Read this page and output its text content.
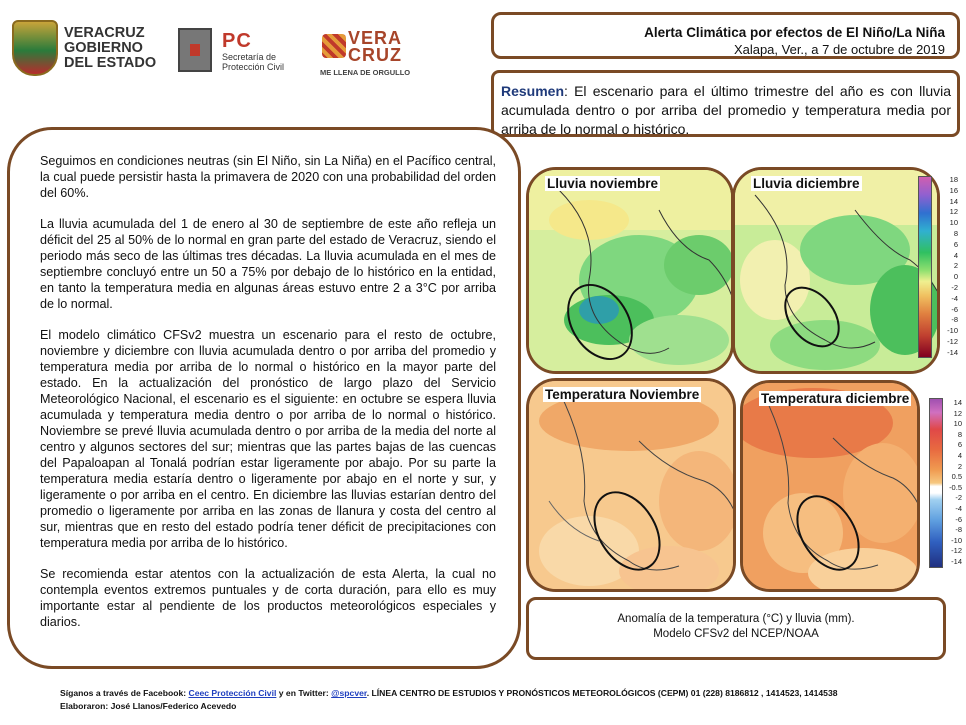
VERACRUZ
GOBIERNO
DEL ESTADO
PC
Secretaría de Protección Civil
VERA
CRUZ
ME LLENA DE ORGULLO
Alerta Climática por efectos de El Niño/La Niña
Xalapa, Ver., a 7 de octubre de 2019
Resumen: El escenario para el último trimestre del año es con lluvia acumulada dentro o por arriba del promedio y temperatura media por arriba de lo normal o histórico.

Seguimos en condiciones neutras (sin El Niño, sin La Niña) en el Pacífico central, la cual puede persistir hasta la primavera de 2020 con una probabilidad del orden del 60%.

La lluvia acumulada del 1 de enero al 30 de septiembre de este año refleja un déficit del 25 al 50% de lo normal en gran parte del estado de Veracruz, siendo el periodo más seco de las últimas tres décadas. La lluvia acumulada en el mes de septiembre concluyó entre un 50 a 75% por debajo de lo histórico en la entidad, en tanto la temperatura media en algunas áreas estuvo entre 2 a 3°C por arriba de lo normal.

El modelo climático CFSv2 muestra un escenario para el resto de octubre, noviembre y diciembre con lluvia acumulada dentro o por arriba del promedio y temperatura media por arriba de lo normal o histórico en la mayor parte del estado. En la actualización del pronóstico de largo plazo del Servicio Meteorológico Nacional, el escenario es el siguiente: en octubre se espera lluvia acumulada y temperatura media dentro o por arriba de lo normal o histórico. Noviembre se prevé lluvia acumulada dentro o por arriba de la media del norte al centro y algunos sectores del sur; mientras que las partes bajas de las cuencas del Papaloapan al Tonalá podrían estar ligeramente por abajo. Por su parte la temperatura media estaría dentro o ligeramente por abajo en el norte y sur, y ligeramente o por arriba en el centro. En diciembre las lluvias estarían dentro del promedio o ligeramente por arriba en las zonas de llanura y costa del centro al sur, mientras que en resto del estado podría tener déficit de precipitaciones con temperatura media por arriba de lo histórico.

Se recomienda estar atentos con la actualización de esta Alerta, la cual no contempla eventos extremos puntuales y de corta duración, para ello es muy importante estar al pendiente de los productos meteorológicos especiales y diarios.

Lluvia noviembre	Lluvia diciembre	18
16
14
12
10
8
6
4
2
0
-2
-4
-6
-8
-10
-12
-14
Temperatura Noviembre	Temperatura diciembre	14
12
10
8
6
4
2
0.5
-0.5
-2
-4
-6
-8
-10
-12
-14
Anomalía de la temperatura (°C) y lluvia (mm).
Modelo CFSv2 del NCEP/NOAA
Síganos a través de Facebook: Ceec Protección Civil y en Twitter: @spcver. LÍNEA CENTRO DE ESTUDIOS Y PRONÓSTICOS METEOROLÓGICOS (CEPM) 01 (228) 8186812 , 1414523, 1414538
Elaboraron: José Llanos/Federico Acevedo
